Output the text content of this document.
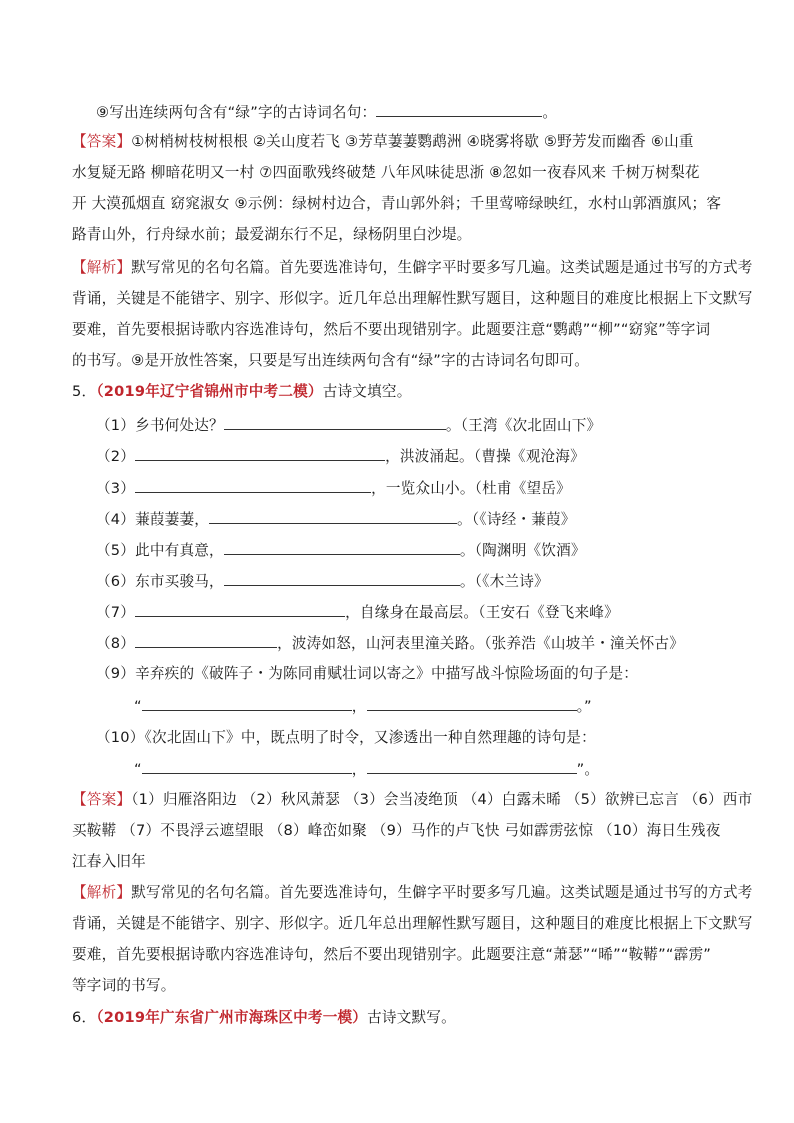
⑨写出连续两句含有“绿”字的古诗词名句：	。
【答案】①树梢树枝树根根 ②关山度若飞 ③芳草萋萋鹦鹉洲 ④晓雾将歇 ⑤野芳发而幽香 ⑥山重
水复疑无路 柳暗花明又一村 ⑦四面歌残终破楚 八年风味徒思浙 ⑧忽如一夜春风来 千树万树梨花
开 大漠孤烟直 窈窕淑女 ⑨示例：绿树村边合，青山郭外斜；千里莺啼绿映红，水村山郭酒旗风；客
路青山外，行舟绿水前；最爱湖东行不足，绿杨阴里白沙堤。
【解析】默写常见的名句名篇。首先要选准诗句，生僻字平时要多写几遍。这类试题是通过书写的方式考
背诵，关键是不能错字、别字、形似字。近几年总出理解性默写题目，这种题目的难度比根据上下文默写
要难，首先要根据诗歌内容选准诗句，然后不要出现错别字。此题要注意“鹦鹉”“柳”“窈窕”等字词
的书写。⑨是开放性答案，只要是写出连续两句含有“绿”字的古诗词名句即可。
5．（2019年辽宁省锦州市中考二模）古诗文填空。
（1）乡书何处达？	。（王湾《次北固山下》
（2）	，洪波涌起。（曹操《观沧海》
（3）	，一览众山小。（杜甫《望岳》
（4）蒹葭萋萋，	。（《诗经・蒹葭》
（5）此中有真意，	。（陶渊明《饮酒》
（6）东市买骏马，	。（《木兰诗》
（7）	，自缘身在最高层。（王安石《登飞来峰》
（8）	，波涛如怒，山河表里潼关路。（张养浩《山坡羊・潼关怀古》
（9）辛弃疾的《破阵子・为陈同甫赋壮词以寄之》中描写战斗惊险场面的句子是：
“	，	。”
（10）《次北固山下》中，既点明了时令，又渗透出一种自然理趣的诗句是：
“	，	”。
【答案】（1）归雁洛阳边 （2）秋风萧瑟 （3）会当凌绝顶 （4）白露未晞 （5）欲辨已忘言 （6）西市
买鞍鞯 （7）不畏浮云遮望眼 （8）峰峦如聚 （9）马作的卢飞快 弓如霹雳弦惊 （10）海日生残夜
江春入旧年
【解析】默写常见的名句名篇。首先要选准诗句，生僻字平时要多写几遍。这类试题是通过书写的方式考
背诵，关键是不能错字、别字、形似字。近几年总出理解性默写题目，这种题目的难度比根据上下文默写
要难，首先要根据诗歌内容选准诗句，然后不要出现错别字。此题要注意“萧瑟”“晞”“鞍鞯”“霹雳”
等字词的书写。
6．（2019年广东省广州市海珠区中考一模）古诗文默写。
